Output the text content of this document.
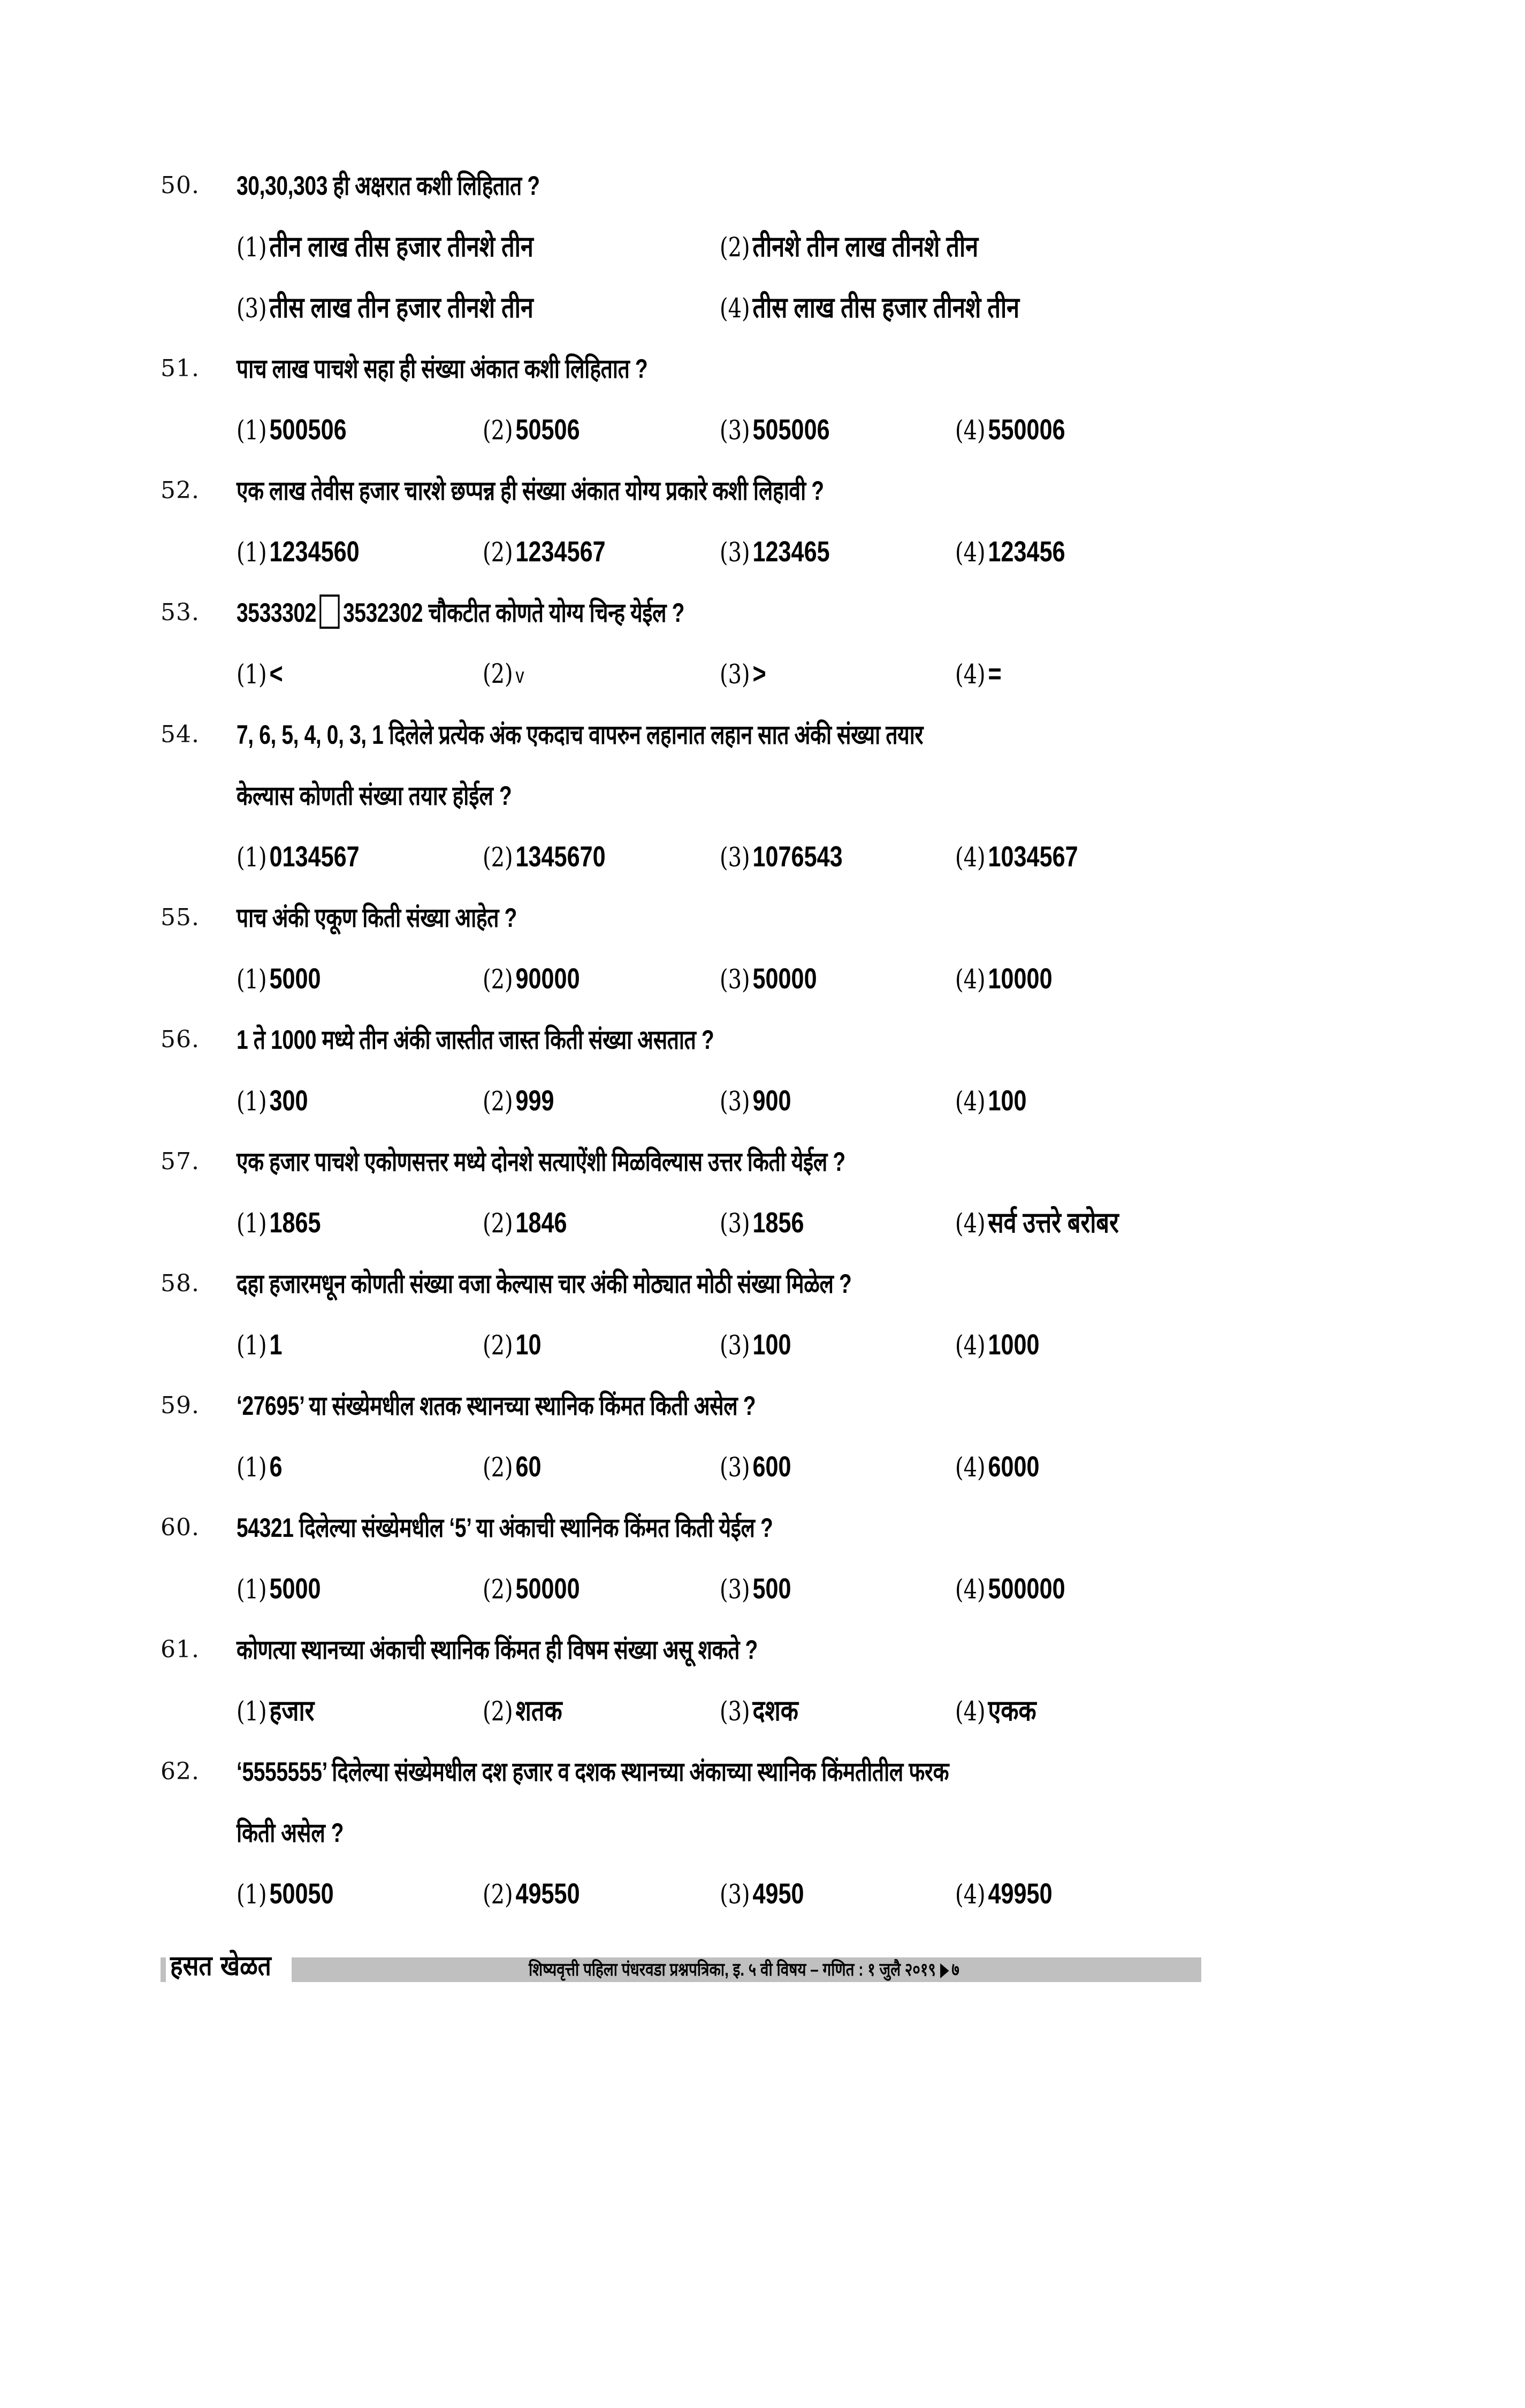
50. 30,30,303 ही अक्षरात कशी लिहितात ?
(1)तीन लाख तीस हजार तीनशे तीन	(2)तीनशे तीन लाख तीनशे तीन
(3)तीस लाख तीन हजार तीनशे तीन	(4)तीस लाख तीस हजार तीनशे तीन
51. पाच लाख पाचशे सहा ही संख्या अंकात कशी लिहितात ?
(1)500506	(2)50506	(3)505006	(4)550006
52. एक लाख तेवीस हजार चारशे छप्पन्न ही संख्या अंकात योग्य प्रकारे कशी लिहावी ?
(1)1234560	(2)1234567	(3)123465	(4)123456
53. 3533302 3532302 चौकटीत कोणते योग्य चिन्ह येईल ?
(1)<	(2) v	(3)>	(4)=
54. 7, 6, 5, 4, 0, 3, 1 दिलेले प्रत्येक अंक एकदाच वापरुन लहानात लहान सात अंकी संख्या तयार
केल्यास कोणती संख्या तयार होईल ?
(1)0134567	(2)1345670	(3)1076543	(4)1034567
55. पाच अंकी एकूण किती संख्या आहेत ?
(1)5000	(2)90000	(3)50000	(4)10000
56. 1 ते 1000 मध्ये तीन अंकी जास्तीत जास्त किती संख्या असतात ?
(1)300	(2)999	(3)900	(4)100
57. एक हजार पाचशे एकोणसत्तर मध्ये दोनशे सत्याऐंशी मिळविल्यास उत्तर किती येईल ?
(1)1865	(2)1846	(3)1856	(4)सर्व उत्तरे बरोबर
58. दहा हजारमधून कोणती संख्या वजा केल्यास चार अंकी मोठ्यात मोठी संख्या मिळेल ?
(1)1	(2)10	(3)100	(4)1000
59. ‘27695’ या संख्येमधील शतक स्थानच्या स्थानिक किंमत किती असेल ?
(1)6	(2)60	(3)600	(4)6000
60. 54321 दिलेल्या संख्येमधील ‘5’ या अंकाची स्थानिक किंमत किती येईल ?
(1)5000	(2)50000	(3)500	(4)500000
61. कोणत्या स्थानच्या अंकाची स्थानिक किंमत ही विषम संख्या असू शकते ?
(1)हजार	(2)शतक	(3)दशक	(4)एकक
62. ‘5555555’ दिलेल्या संख्येमधील दश हजार व दशक स्थानच्या अंकाच्या स्थानिक किंमतीतील फरक
किती असेल ?
(1)50050	(2)49550	(3)4950	(4)49950
हसत खेळत	शिष्यवृत्ती पहिला पंधरवडा प्रश्नपत्रिका, इ. ५ वी विषय – गणित : १ जुलै २०१९ ७
